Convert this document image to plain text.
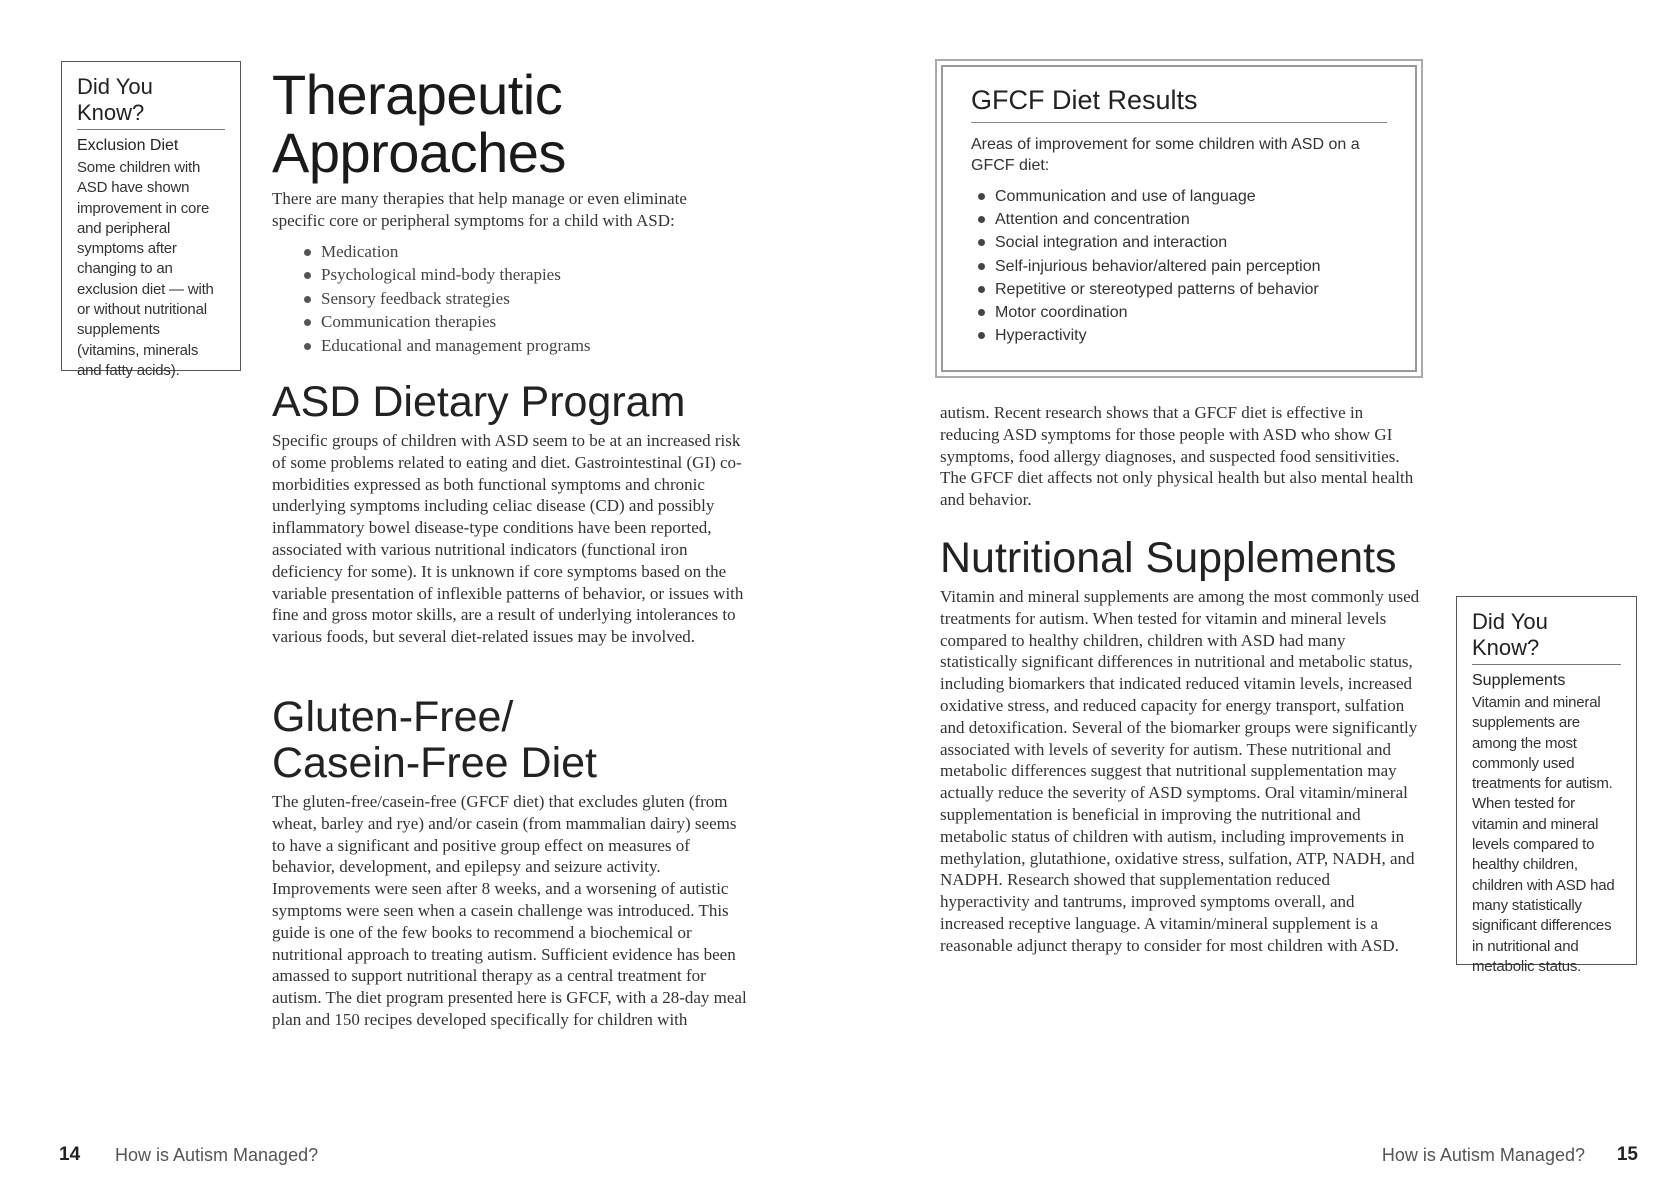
Did You Know?
Exclusion Diet

Some children with ASD have shown improvement in core and peripheral symptoms after changing to an exclusion diet — with or without nutritional supplements (vitamins, minerals and fatty acids).

Therapeutic
Approaches

There are many therapies that help manage or even eliminate specific core or peripheral symptoms for a child with ASD:

Medication
Psychological mind-body therapies
Sensory feedback strategies
Communication therapies
Educational and management programs
ASD Dietary Program

Specific groups of children with ASD seem to be at an increased risk of some problems related to eating and diet. Gastrointestinal (GI) co-morbidities expressed as both functional symptoms and chronic underlying symptoms including celiac disease (CD) and possibly inflammatory bowel disease-type conditions have been reported, associated with various nutritional indicators (functional iron deficiency for some). It is unknown if core symptoms based on the variable presentation of inflexible patterns of behavior, or issues with fine and gross motor skills, are a result of underlying intolerances to various foods, but several diet-related issues may be involved.

Gluten-Free/
Casein-Free Diet

The gluten-free/casein-free (GFCF diet) that excludes gluten (from wheat, barley and rye) and/or casein (from mammalian dairy) seems to have a significant and positive group effect on measures of behavior, development, and epilepsy and seizure activity. Improvements were seen after 8 weeks, and a worsening of autistic symptoms were seen when a casein challenge was introduced. This guide is one of the few books to recommend a biochemical or nutritional approach to treating autism. Sufficient evidence has been amassed to support nutritional therapy as a central treatment for autism. The diet program presented here is GFCF, with a 28-day meal plan and 150 recipes developed specifically for children with

14 How is Autism Managed?
GFCF Diet Results

Areas of improvement for some children with ASD on a GFCF diet:

Communication and use of language
Attention and concentration
Social integration and interaction
Self-injurious behavior/altered pain perception
Repetitive or stereotyped patterns of behavior
Motor coordination
Hyperactivity

autism. Recent research shows that a GFCF diet is effective in reducing ASD symptoms for those people with ASD who show GI symptoms, food allergy diagnoses, and suspected food sensitivities. The GFCF diet affects not only physical health but also mental health and behavior.

Nutritional Supplements

Vitamin and mineral supplements are among the most commonly used treatments for autism. When tested for vitamin and mineral levels compared to healthy children, children with ASD had many statistically significant differences in nutritional and metabolic status, including biomarkers that indicated reduced vitamin levels, increased oxidative stress, and reduced capacity for energy transport, sulfation and detoxification. Several of the biomarker groups were significantly associated with levels of severity for autism. These nutritional and metabolic differences suggest that nutritional supplementation may actually reduce the severity of ASD symptoms. Oral vitamin/mineral supplementation is beneficial in improving the nutritional and metabolic status of children with autism, including improvements in methylation, glutathione, oxidative stress, sulfation, ATP, NADH, and NADPH. Research showed that supplementation reduced hyperactivity and tantrums, improved symptoms overall, and increased receptive language. A vitamin/mineral supplement is a reasonable adjunct therapy to consider for most children with ASD.

Did You Know?
Supplements

Vitamin and mineral supplements are among the most commonly used treatments for autism. When tested for vitamin and mineral levels compared to healthy children, children with ASD had many statistically significant differences in nutritional and metabolic status.

How is Autism Managed? 15
